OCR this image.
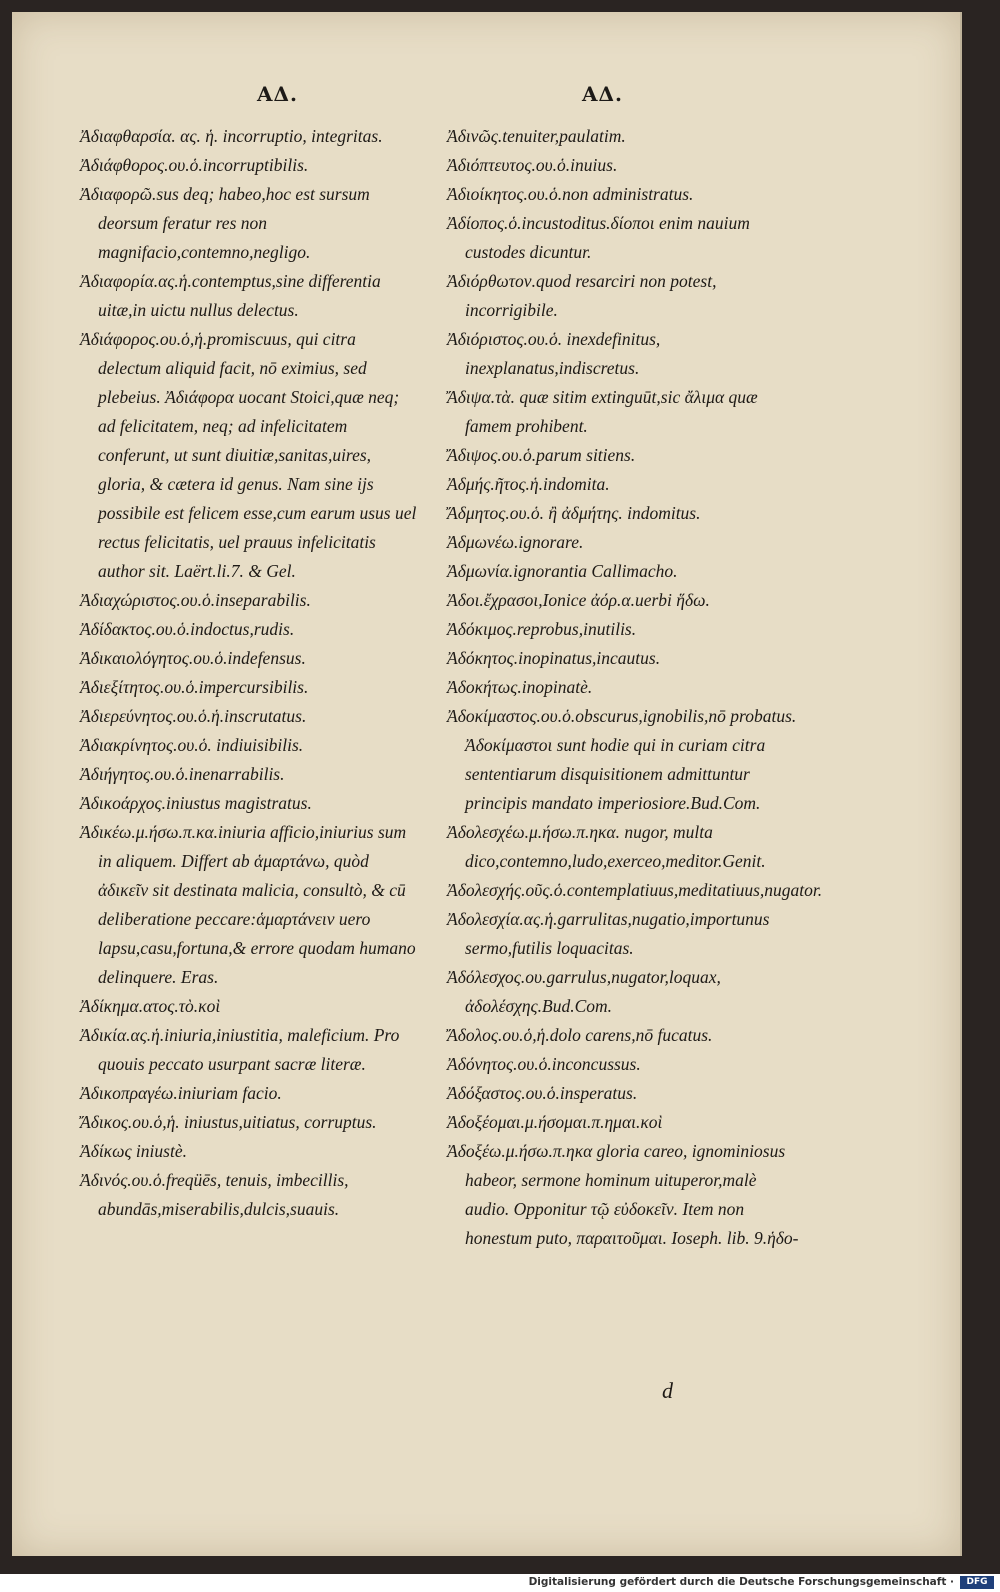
ΑΔ.	ΑΔ.
Ἀδιαφθαρσία. ας. ἡ. incorruptio, integritas.
Ἀδιάφθορος.ου.ὁ.incorruptibilis.
Ἀδιαφορῶ.sus deq; habeo,hoc est sursum deorsum feratur res non magnifacio,contemno,negligo.
Ἀδιαφορία.ας.ἡ.contemptus,sine differentia uitæ,in uictu nullus delectus.
Ἀδιάφορος.ου.ὁ,ἡ.promiscuus, qui citra delectum aliquid facit, nō eximius, sed plebeius. Ἀδιάφορα uocant Stoici,quæ neq; ad felicitatem, neq; ad infelicitatem conferunt, ut sunt diuitiæ,sanitas,uires, gloria, & cætera id genus. Nam sine ijs possibile est felicem esse,cum earum usus uel rectus felicitatis, uel prauus infelicitatis author sit. Laërt.li.7. & Gel.
Ἀδιαχώριστος.ου.ὁ.inseparabilis.
Ἀδίδακτος.ου.ὁ.indoctus,rudis.
Ἀδικαιολόγητος.ου.ὁ.indefensus.
Ἀδιεξίτητος.ου.ὁ.impercursibilis.
Ἀδιερεύνητος.ου.ὁ.ἡ.inscrutatus.
Ἀδιακρίνητος.ου.ὁ. indiuisibilis.
Ἀδιήγητος.ου.ὁ.inenarrabilis.
Ἀδικοάρχος.iniustus magistratus.
Ἀδικέω.μ.ήσω.π.κα.iniuria afficio,iniurius sum in aliquem. Differt ab ἁμαρτάνω, quòd ἀδικεῖν sit destinata malicia, consultò, & cū deliberatione peccare:ἁμαρτάνειν uero lapsu,casu,fortuna,& errore quodam humano delinquere. Eras.
Ἀδίκημα.ατος.τὸ.κοὶ
Ἀδικία.ας.ἡ.iniuria,iniustitia, maleficium. Pro quouis peccato usurpant sacræ literæ.
Ἀδικοπραγέω.iniuriam facio.
Ἄδικος.ου.ὁ,ἡ. iniustus,uitiatus, corruptus.
Ἀδίκως iniustè.
Ἀδινός.ου.ὁ.freqüēs, tenuis, imbecillis, abundās,miserabilis,dulcis,suauis.
Ἀδινῶς.tenuiter,paulatim.
Ἀδιόπτευτος.ου.ὁ.inuius.
Ἀδιοίκητος.ου.ὁ.non administratus.
Ἀδίοπος.ὁ.incustoditus.δίοποι enim nauium custodes dicuntur.
Ἀδιόρθωτον.quod resarciri non potest, incorrigibile.
Ἀδιόριστος.ου.ὁ. inexdefinitus, inexplanatus,indiscretus.
Ἄδιψα.τὰ. quæ sitim extinguūt,sic ἄλιμα quæ famem prohibent.
Ἄδιψος.ου.ὁ.parum sitiens.
Ἀδμής.ῆτος.ἡ.indomita.
Ἄδμητος.ου.ὁ. ἢ ἀδμήτης. indomitus.
Ἀδμωνέω.ignorare.
Ἀδμωνία.ignorantia Callimacho.
Ἀδοι.ἔχρασοι,Ionice ἀόρ.α.uerbi ἥδω.
Ἀδόκιμος.reprobus,inutilis.
Ἀδόκητος.inopinatus,incautus.
Ἀδοκήτως.inopinatè.
Ἀδοκίμαστος.ου.ὁ.obscurus,ignobilis,nō probatus. Ἀδοκίμαστοι sunt hodie qui in curiam citra sententiarum disquisitionem admittuntur principis mandato imperiosiore.Bud.Com.
Ἀδολεσχέω.μ.ήσω.π.ηκα. nugor, multa dico,contemno,ludo,exerceo,meditor.Genit.
Ἀδολεσχής.οῦς.ὁ.contemplatiuus,meditatiuus,nugator.
Ἀδολεσχία.ας.ἡ.garrulitas,nugatio,importunus sermo,futilis loquacitas.
Ἀδόλεσχος.ου.garrulus,nugator,loquax, ἀδολέσχης.Bud.Com.
Ἄδολος.ου.ὁ,ἡ.dolo carens,nō fucatus.
Ἀδόνητος.ου.ὁ.inconcussus.
Ἀδόξαστος.ου.ὁ.insperatus.
Ἀδοξέομαι.μ.ήσομαι.π.ημαι.κοὶ
Ἀδοξέω.μ.ήσω.π.ηκα gloria careo, ignominiosus habeor, sermone hominum uituperor,malè audio. Opponitur τῷ εὐδοκεῖν. Item non honestum puto, παραιτοῦμαι. Ioseph. lib. 9.ἡδο-
d
Digitalisierung gefördert durch die Deutsche Forschungsgemeinschaft ·	DFG
